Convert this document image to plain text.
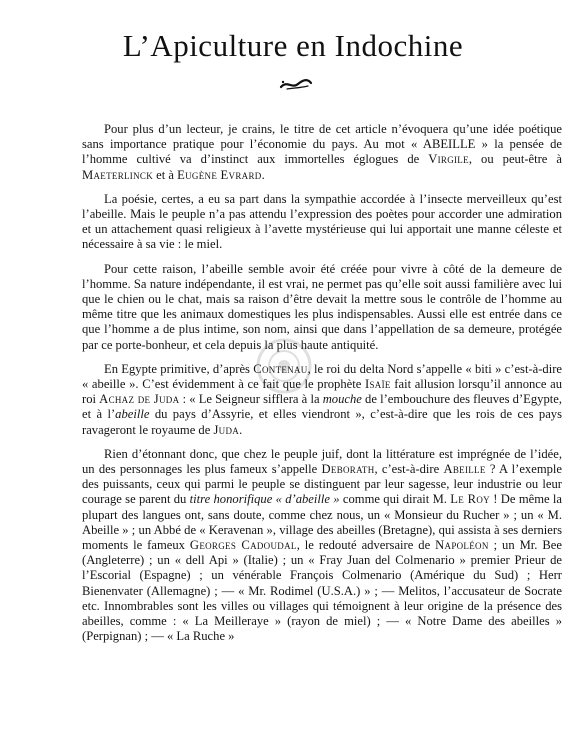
L’Apiculture en Indochine

Pour plus d’un lecteur, je crains, le titre de cet article n’évoquera qu’une idée poétique sans importance pratique pour l’économie du pays. Au mot « ABEILLE » la pensée de l’homme cultivé va d’instinct aux immortelles églogues de Virgile, ou peut-être à Maeterlinck et à Eugène Evrard.

La poésie, certes, a eu sa part dans la sympathie accordée à l’insecte merveilleux qu’est l’abeille. Mais le peuple n’a pas attendu l’expression des poètes pour accorder une admiration et un attachement quasi religieux à l’avette mystérieuse qui lui apportait une manne céleste et nécessaire à sa vie : le miel.

Pour cette raison, l’abeille semble avoir été créée pour vivre à côté de la demeure de l’homme. Sa nature indépendante, il est vrai, ne permet pas qu’elle soit aussi familière avec lui que le chien ou le chat, mais sa raison d’être devait la mettre sous le contrôle de l’homme au même titre que les animaux domestiques les plus indispensables. Aussi elle est entrée dans ce que l’homme a de plus intime, son nom, ainsi que dans l’appellation de sa demeure, protégée par ce porte-bonheur, et cela depuis la plus haute antiquité.

En Egypte primitive, d’après Contenau, le roi du delta Nord s’appelle « biti » c’est-à-dire « abeille ». C’est évidemment à ce fait que le prophète Isaïe fait allusion lorsqu’il annonce au roi Achaz de Juda : « Le Seigneur sifflera à la mouche de l’embouchure des fleuves d’Egypte, et à l’abeille du pays d’Assyrie, et elles viendront », c’est-à-dire que les rois de ces pays ravageront le royaume de Juda.

Rien d’étonnant donc, que chez le peuple juif, dont la littérature est imprégnée de l’idée, un des personnages les plus fameux s’appelle Deborath, c’est-à-dire Abeille ? A l’exemple des puissants, ceux qui parmi le peuple se distinguent par leur sagesse, leur industrie ou leur courage se parent du titre honorifique « d’abeille » comme qui dirait M. Le Roy ! De même la plupart des langues ont, sans doute, comme chez nous, un « Monsieur du Rucher » ; un « M. Abeille » ; un Abbé de « Keravenan », village des abeilles (Bretagne), qui assista à ses derniers moments le fameux Georges Cadoudal, le redouté adversaire de Napoléon ; un Mr. Bee (Angleterre) ; un « dell Api » (Italie) ; un « Fray Juan del Colmenario » premier Prieur de l’Escorial (Espagne) ; un vénérable François Colmenario (Amérique du Sud) ; Herr Bienenvater (Allemagne) ; — « Mr. Rodimel (U.S.A.) » ; — Melitos, l’accusateur de Socrate etc. Innombrables sont les villes ou villages qui témoignent à leur origine de la présence des abeilles, comme : « La Meilleraye » (rayon de miel) ; — « Notre Dame des abeilles » (Perpignan) ; — « La Ruche »
